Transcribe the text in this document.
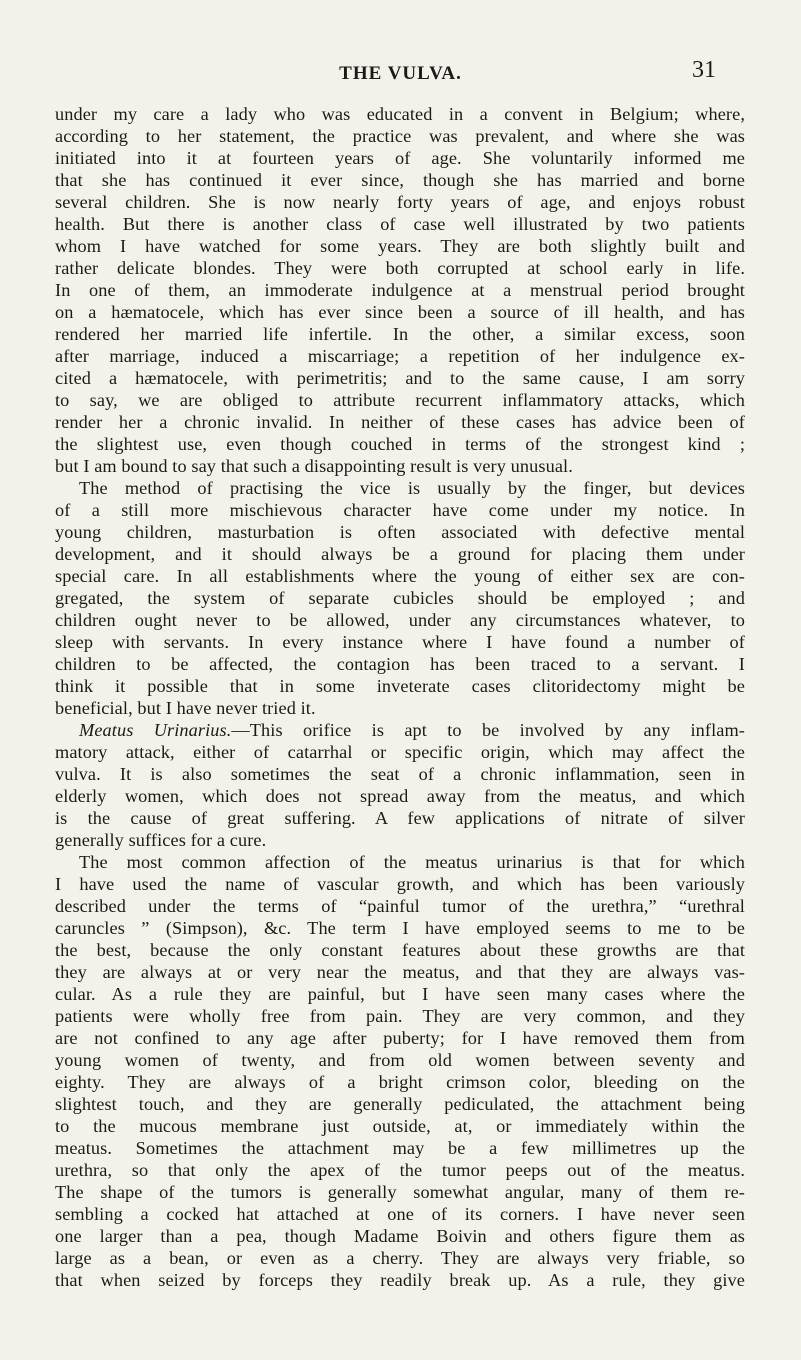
THE VULVA.	31
under my care a lady who was educated in a convent in Belgium; where,
according to her statement, the practice was prevalent, and where she was
initiated into it at fourteen years of age. She voluntarily informed me
that she has continued it ever since, though she has married and borne
several children. She is now nearly forty years of age, and enjoys robust
health. But there is another class of case well illustrated by two patients
whom I have watched for some years. They are both slightly built and
rather delicate blondes. They were both corrupted at school early in life.
In one of them, an immoderate indulgence at a menstrual period brought
on a hæmatocele, which has ever since been a source of ill health, and has
rendered her married life infertile. In the other, a similar excess, soon
after marriage, induced a miscarriage; a repetition of her indulgence ex-
cited a hæmatocele, with perimetritis; and to the same cause, I am sorry
to say, we are obliged to attribute recurrent inflammatory attacks, which
render her a chronic invalid. In neither of these cases has advice been of
the slightest use, even though couched in terms of the strongest kind ;
but I am bound to say that such a disappointing result is very unusual.
The method of practising the vice is usually by the finger, but devices
of a still more mischievous character have come under my notice. In
young children, masturbation is often associated with defective mental
development, and it should always be a ground for placing them under
special care. In all establishments where the young of either sex are con-
gregated, the system of separate cubicles should be employed ; and
children ought never to be allowed, under any circumstances whatever, to
sleep with servants. In every instance where I have found a number of
children to be affected, the contagion has been traced to a servant. I
think it possible that in some inveterate cases clitoridectomy might be
beneficial, but I have never tried it.
Meatus Urinarius.—This orifice is apt to be involved by any inflam-
matory attack, either of catarrhal or specific origin, which may affect the
vulva. It is also sometimes the seat of a chronic inflammation, seen in
elderly women, which does not spread away from the meatus, and which
is the cause of great suffering. A few applications of nitrate of silver
generally suffices for a cure.
The most common affection of the meatus urinarius is that for which
I have used the name of vascular growth, and which has been variously
described under the terms of “painful tumor of the urethra,” “urethral
caruncles ” (Simpson), &c. The term I have employed seems to me to be
the best, because the only constant features about these growths are that
they are always at or very near the meatus, and that they are always vas-
cular. As a rule they are painful, but I have seen many cases where the
patients were wholly free from pain. They are very common, and they
are not confined to any age after puberty; for I have removed them from
young women of twenty, and from old women between seventy and
eighty. They are always of a bright crimson color, bleeding on the
slightest touch, and they are generally pediculated, the attachment being
to the mucous membrane just outside, at, or immediately within the
meatus. Sometimes the attachment may be a few millimetres up the
urethra, so that only the apex of the tumor peeps out of the meatus.
The shape of the tumors is generally somewhat angular, many of them re-
sembling a cocked hat attached at one of its corners. I have never seen
one larger than a pea, though Madame Boivin and others figure them as
large as a bean, or even as a cherry. They are always very friable, so
that when seized by forceps they readily break up. As a rule, they give
